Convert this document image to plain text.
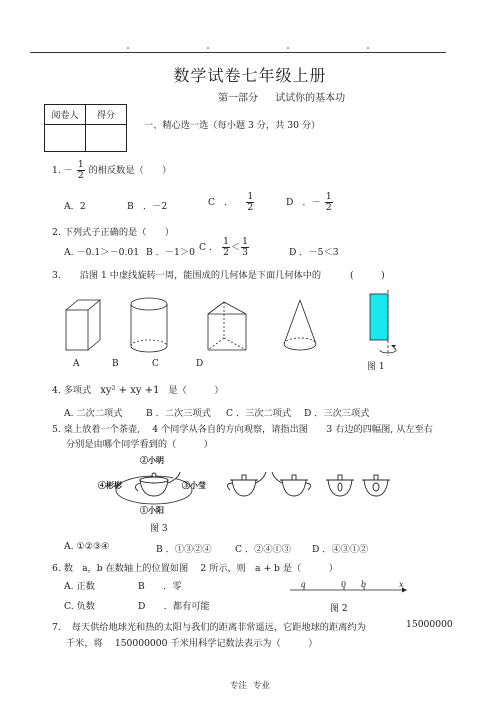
数学试卷七年级上册
第一部分 试试你的基本功
阅卷人	得分

一、精心选一选（每小题 3 分，共 30 分）
1. － $\frac{1}{2}$ 的相反数是（　　）
A．2	B　．－2	C　． $\frac{1}{2}$	D　．－ $\frac{1}{2}$
2. 下列式子正确的是（　　）
A. －0.1＞－0.01 B ．－1＞0 C ． $\frac{1}{2} < \frac{1}{3}$	D ．－5＜3
3. 沿图 1 中虚线旋转一周，能围成的几何体是下面几何体中的	(　　　)
A	B	C	D	图 1
4. 多项式 xy² + xy +1 是（　　　）
A. 二次二项式	B ．二次三项式 C ．三次二项式 D ．三次三项式
5. 桌上放着一个茶壶,　 4 个同学从各自的方向观察，请指出图　　3 右边的四幅图, 从左至右
分别是由哪个同学看到的（　　　）
②小明
④彬彬	③小莹
①小阳
图 3
A. ①②③④	B ．①③②④	C ．②④①③ D ．④③①②
6. 数　a，b 在数轴上的位置如图　 2 所示，则　a + b 是（　　　）
A. 正数	B　　．零
C. 负数	D　　．都有可能
a	0 b	x
图 2
7. 每天供给地球光和热的太阳与我们的距离非常遥远，它距地球的距离约为	15000000
千米，将　 150000000 千米用科学记数法表示为（　　　）
专注 专业
